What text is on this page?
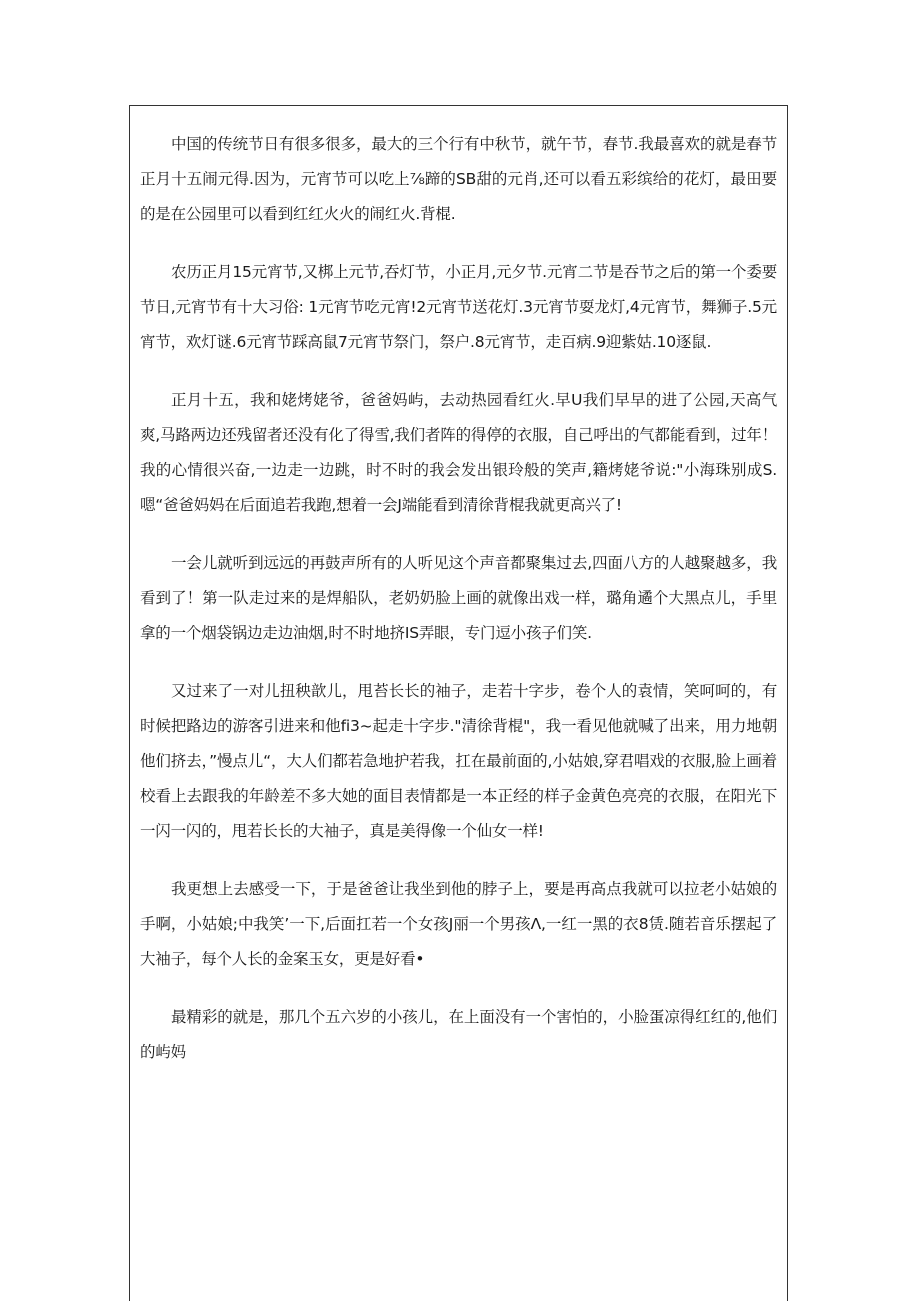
中国的传统节日有很多很多，最大的三个行有中秋节，就午节，春节.我最喜欢的就是春节正月十五闹元得.因为，元宵节可以吃上⅞蹄的SB甜的元肖,还可以看五彩缤给的花灯，最田要的是在公园里可以看到红红火火的闹红火.背棍.

农历正月15元宵节,又梆上元节,吞灯节，小正月,元夕节.元宵二节是吞节之后的第一个委要节日,元宵节有十大习俗: 1元宵节吃元宵!2元宵节送花灯.3元宵节耍龙灯,4元宵节，舞狮子.5元宵节，欢灯谜.6元宵节踩高鼠7元宵节祭门，祭户.8元宵节，走百病.9迎紫姑.10逐鼠.

正月十五，我和姥烤姥爷，爸爸妈屿，去动热园看红火.早U我们早早的进了公园,天高气爽,马路两边还残留者还没有化了得雪,我们者阵的得停的衣服，自己呼出的气都能看到，过年！我的心情很兴奋,一边走一边跳，时不时的我会发出银玲般的笑声,籍烤姥爷说:"小海珠别成S.嗯“爸爸妈妈在后面追若我跑,想着一会J端能看到清徐背棍我就更高兴了!

一会儿就听到远远的再鼓声所有的人听见这个声音都聚集过去,四面八方的人越聚越多，我看到了！第一队走过来的是焊船队，老奶奶脸上画的就像出戏一样，璐角遹个大黑点儿，手里拿的一个烟袋锅边走边油烟,时不时地挤IS弄眼，专门逗小孩子们笑.

又过来了一对儿扭秧歆儿，甩苔长长的袖子，走若十字步，卷个人的袁情，笑呵呵的，有时候把路边的游客引进来和他fi3~起走十字步."清徐背棍"，我一看见他就喊了出来，用力地朝他们挤去，”慢点儿“，大人们都若急地护若我，扛在最前面的,小姑娘,穿君唱戏的衣服,脸上画着校看上去跟我的年龄差不多大她的面目表情都是一本正经的样子金黄色亮亮的衣服，在阳光下一闪一闪的，甩若长长的大袖子，真是美得像一个仙女一样!

我更想上去感受一下，于是爸爸让我坐到他的脖子上，要是再高点我就可以拉老小姑娘的手啊，小姑娘;中我笑’一下,后面扛若一个女孩J丽一个男孩Λ,一红一黑的衣8赁.随若音乐摆起了大袖子，每个人长的金案玉女，更是好看•

最精彩的就是，那几个五六岁的小孩儿，在上面没有一个害怕的，小脸蛋凉得红红的,他们的屿妈
